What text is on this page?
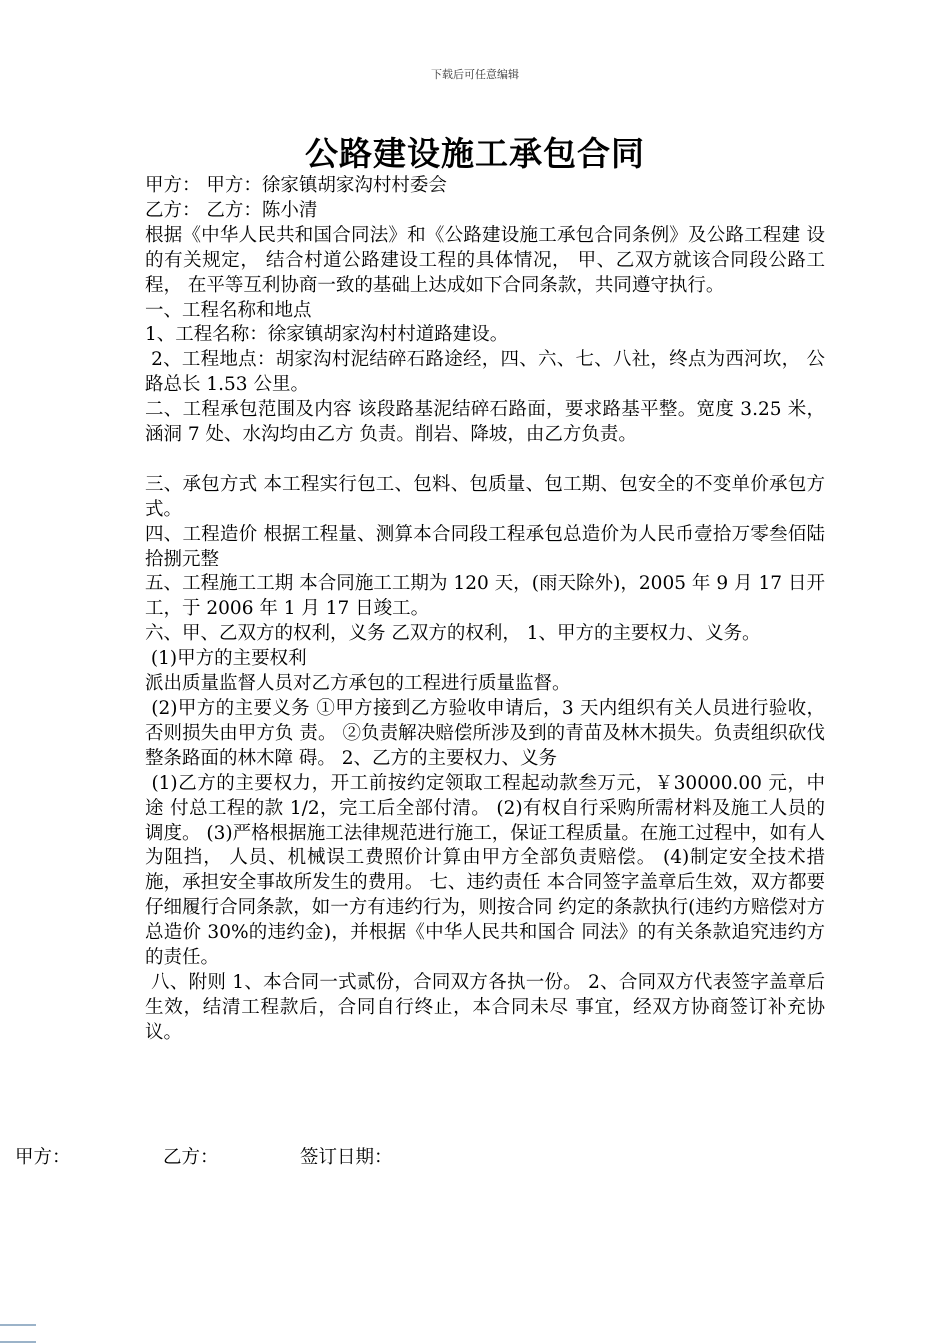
下载后可任意编辑
公路建设施工承包合同

甲方： 甲方：徐家镇胡家沟村村委会

乙方： 乙方：陈小清

根据《中华人民共和国合同法》和《公路建设施工承包合同条例》及公路工程建 设的有关规定， 结合村道公路建设工程的具体情况， 甲、乙双方就该合同段公路工程， 在平等互利协商一致的基础上达成如下合同条款，共同遵守执行。

一、工程名称和地点

1、工程名称：徐家镇胡家沟村村道路建设。

2、工程地点：胡家沟村泥结碎石路途经，四、六、七、八社，终点为西河坎， 公路总长 1.53 公里。

二、工程承包范围及内容 该段路基泥结碎石路面，要求路基平整。宽度 3.25 米，涵洞 7 处、水沟均由乙方 负责。削岩、降坡，由乙方负责。

三、承包方式 本工程实行包工、包料、包质量、包工期、包安全的不变单价承包方式。

四、工程造价 根据工程量、测算本合同段工程承包总造价为人民币壹拾万零叁佰陆拾捌元整

五、工程施工工期 本合同施工工期为 120 天，(雨天除外)，2005 年 9 月 17 日开工，于 2006 年 1 月 17 日竣工。

六、甲、乙双方的权利，义务 乙双方的权利， 1、甲方的主要权力、义务。

(1)甲方的主要权利

派出质量监督人员对乙方承包的工程进行质量监督。

(2)甲方的主要义务 ①甲方接到乙方验收申请后，3 天内组织有关人员进行验收，否则损失由甲方负 责。 ②负责解决赔偿所涉及到的青苗及林木损失。负责组织砍伐整条路面的林木障 碍。 2、乙方的主要权力、义务

(1)乙方的主要权力，开工前按约定领取工程起动款叁万元，￥30000.00 元，中途 付总工程的款 1/2，完工后全部付清。 (2)有权自行采购所需材料及施工人员的调度。 (3)严格根据施工法律规范进行施工，保证工程质量。在施工过程中，如有人为阻挡， 人员、机械误工费照价计算由甲方全部负责赔偿。 (4)制定安全技术措施，承担安全事故所发生的费用。 七、违约责任 本合同签字盖章后生效，双方都要仔细履行合同条款，如一方有违约行为，则按合同 约定的条款执行(违约方赔偿对方总造价 30%的违约金)，并根据《中华人民共和国合 同法》的有关条款追究违约方的责任。

八、附则 1、本合同一式贰份，合同双方各执一份。 2、合同双方代表签字盖章后生效，结清工程款后，合同自行终止，本合同未尽 事宜，经双方协商签订补充协议。

甲方：

	乙方：

	签订日期：
